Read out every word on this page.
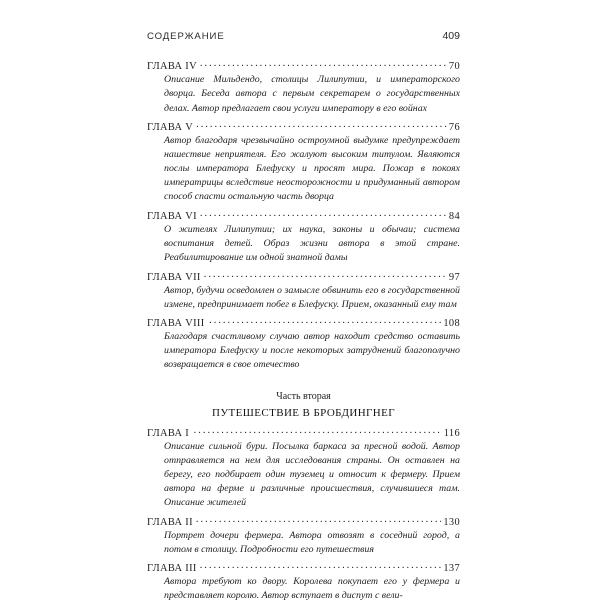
СОДЕРЖАНИЕ	409
ГЛАВА IV . . .	70

Описание Мильдендо, столицы Лилипутии, и императорского дворца. Беседа автора с первым секретарем о государственных делах. Автор предлагает свои услуги императору в его войнах

ГЛАВА V . . .	76

Автор благодаря чрезвычайно остроумной выдумке предупреждает нашествие неприятеля. Его жалуют высоким титулом. Являются послы императора Блефуску и просят мира. Пожар в покоях императрицы вследствие неосторожности и придуманный автором способ спасти остальную часть дворца

ГЛАВА VI . . .	84

О жителях Лилипутии; их наука, законы и обычаи; система воспитания детей. Образ жизни автора в этой стране. Реабилитирование им одной знатной дамы

ГЛАВА VII . . .	97

Автор, будучи осведомлен о замысле обвинить его в государственной измене, предпринимает побег в Блефуску. Прием, оказанный ему там

ГЛАВА VIII . . .	108

Благодаря счастливому случаю автор находит средство оставить императора Блефуску и после некоторых затруднений благополучно возвращается в свое отечество

Часть вторая
ПУТЕШЕСТВИЕ В БРОБДИНГНЕГ
ГЛАВА I . . .	116

Описание сильной бури. Посылка баркаса за пресной водой. Автор отправляется на нем для исследования страны. Он оставлен на берегу, его подбирает один туземец и относит к фермеру. Прием автора на ферме и различные происшествия, случившиеся там. Описание жителей

ГЛАВА II . . .	130

Портрет дочери фермера. Автора отвозят в соседний город, а потом в столицу. Подробности его путешествия

ГЛАВА III . . .	137

Автора требуют ко двору. Королева покупает его у фермера и представляет королю. Автор вступает в диспут с вели-
